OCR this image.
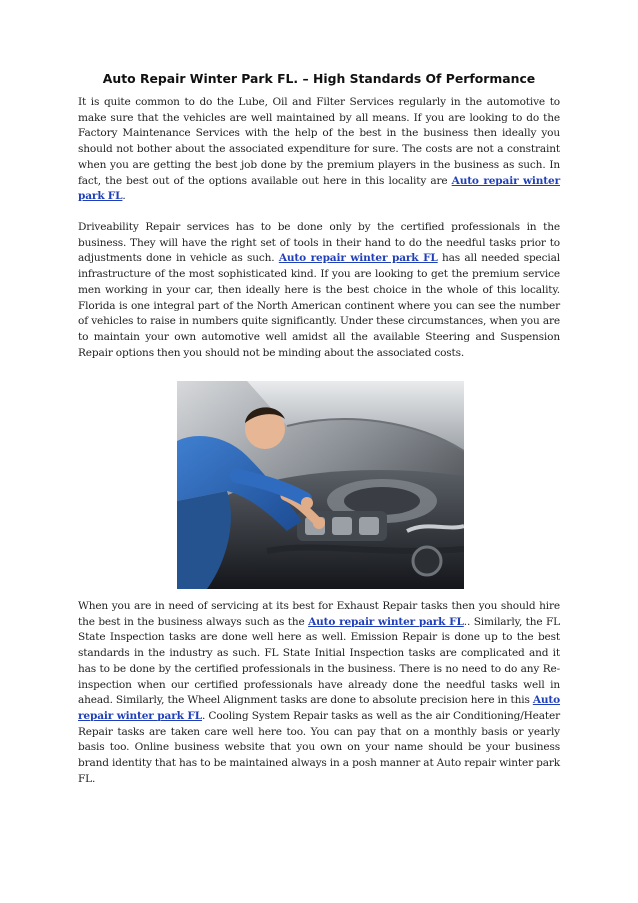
Auto Repair Winter Park FL. – High Standards Of Performance

It is quite common to do the Lube, Oil and Filter Services regularly in the automotive to make sure that the vehicles are well maintained by all means. If you are looking to do the Factory Maintenance Services with the help of the best in the business then ideally you should not bother about the associated expenditure for sure. The costs are not a constraint when you are getting the best job done by the premium players in the business as such. In fact, the best out of the options available out here in this locality are Auto repair winter park FL.

Driveability Repair services has to be done only by the certified professionals in the business. They will have the right set of tools in their hand to do the needful tasks prior to adjustments done in vehicle as such. Auto repair winter park FL has all needed special infrastructure of the most sophisticated kind. If you are looking to get the premium service men working in your car, then ideally here is the best choice in the whole of this locality. Florida is one integral part of the North American continent where you can see the number of vehicles to raise in numbers quite significantly. Under these circumstances, when you are to maintain your own automotive well amidst all the available Steering and Suspension Repair options then you should not be minding about the associated costs.

When you are in need of servicing at its best for Exhaust Repair tasks then you should hire the best in the business always such as the Auto repair winter park FL.. Similarly, the FL State Inspection tasks are done well here as well. Emission Repair is done up to the best standards in the industry as such. FL State Initial Inspection tasks are complicated and it has to be done by the certified professionals in the business. There is no need to do any Re-inspection when our certified professionals have already done the needful tasks well in ahead. Similarly, the Wheel Alignment tasks are done to absolute precision here in this Auto repair winter park FL. Cooling System Repair tasks as well as the air Conditioning/Heater Repair tasks are taken care well here too. You can pay that on a monthly basis or yearly basis too. Online business website that you own on your name should be your business brand identity that has to be maintained always in a posh manner at Auto repair winter park FL.
